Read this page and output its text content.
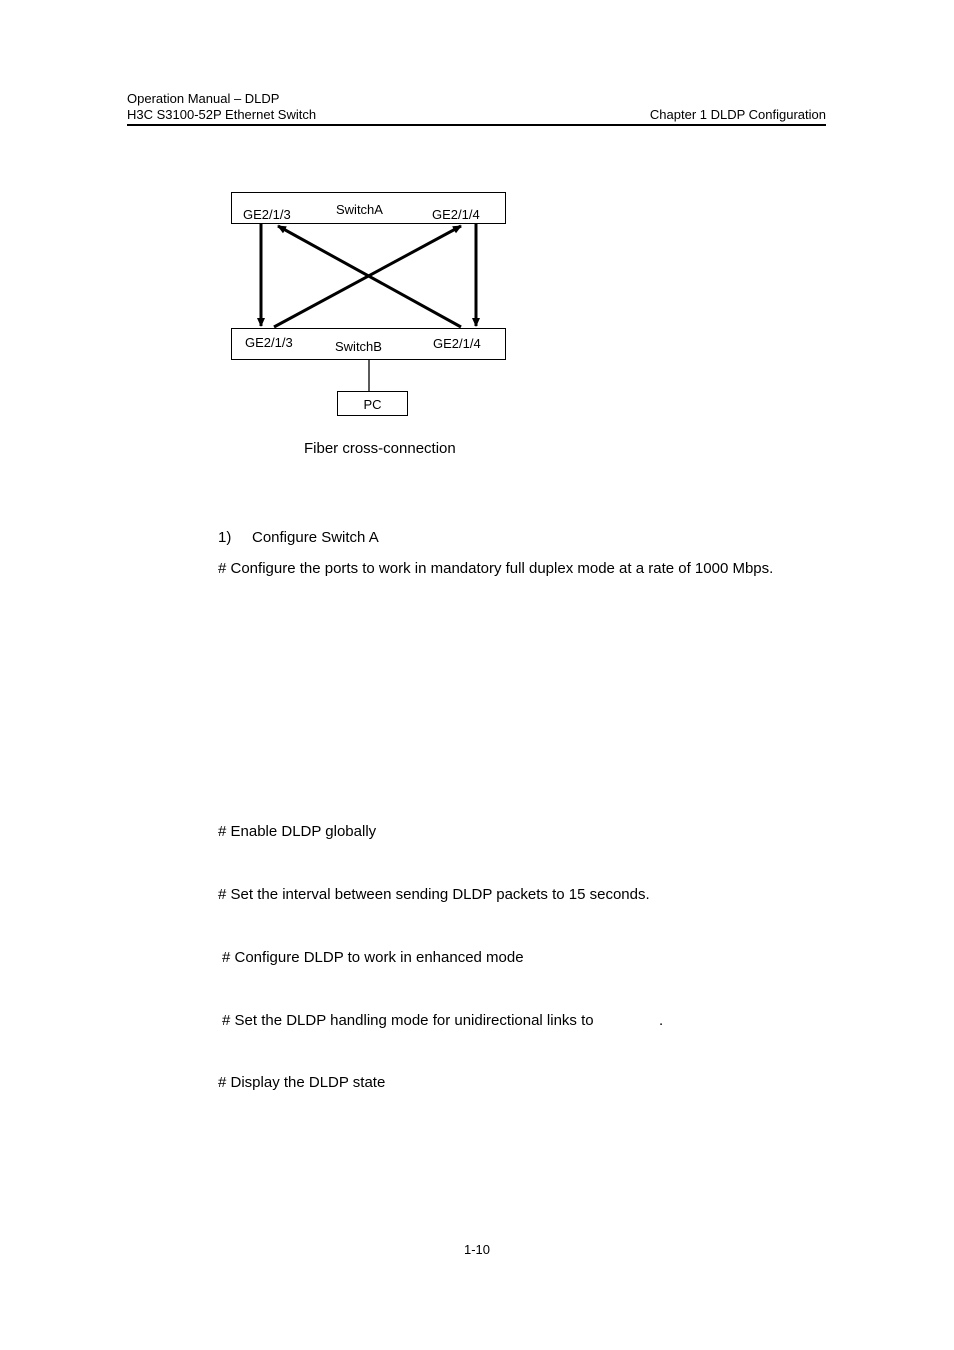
Operation Manual – DLDP
H3C S3100-52P Ethernet Switch	Chapter 1 DLDP Configuration
GE2/1/3	SwitchA	GE2/1/4
GE2/1/3	SwitchB	GE2/1/4
PC
Fiber cross-connection
1) Configure Switch A
# Configure the ports to work in mandatory full duplex mode at a rate of 1000 Mbps.
# Enable DLDP globally
# Set the interval between sending DLDP packets to 15 seconds.
# Configure DLDP to work in enhanced mode
# Set the DLDP handling mode for unidirectional links to	.
# Display the DLDP state
1-10
